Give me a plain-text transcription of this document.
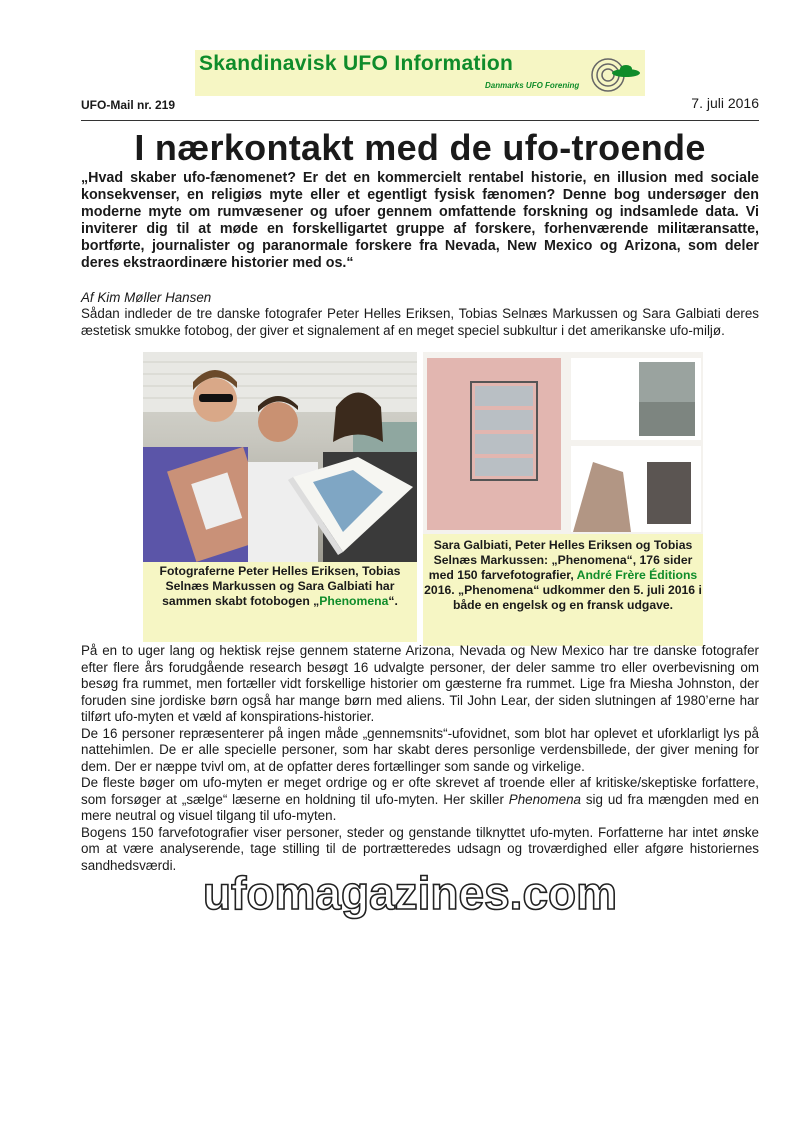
Skandinavisk UFO Information
Danmarks UFO Forening
UFO-Mail nr. 219	7. juli 2016
I nærkontakt med de ufo-troende

„Hvad skaber ufo-fænomenet? Er det en kommercielt rentabel historie, en illusion med sociale konsekvenser, en religiøs myte eller et egentligt fysisk fænomen? Denne bog undersøger den moderne myte om rumvæsener og ufoer gennem omfattende forskning og indsamlede data. Vi inviterer dig til at møde en forskelligartet gruppe af forskere, forhenværende militæransatte, bortførte, journalister og paranormale forskere fra Nevada, New Mexico og Arizona, som deler deres ekstraordinære historier med os.“

Af Kim Møller Hansen

Sådan indleder de tre danske fotografer Peter Helles Eriksen, Tobias Selnæs Markussen og Sara Galbiati deres æstetisk smukke fotobog, der giver et signalement af en meget speciel subkultur i det amerikanske ufo-miljø.

Fotograferne Peter Helles Eriksen, Tobias Selnæs Markussen og Sara Galbiati har sammen skabt fotobogen „Phenomena“.
Sara Galbiati, Peter Helles Eriksen og Tobias Selnæs Markussen: „Phenomena“, 176 sider med 150 farvefotografier, André Frère Éditions 2016. „Phenomena“ udkommer den 5. juli 2016 i både en engelsk og en fransk udgave.

På en to uger lang og hektisk rejse gennem staterne Arizona, Nevada og New Mexico har tre danske fotografer efter flere års forudgående research besøgt 16 udvalgte personer, der deler samme tro eller overbevisning om besøg fra rummet, men fortæller vidt forskellige historier om gæsterne fra rummet. Lige fra Miesha Johnston, der foruden sine jordiske børn også har mange børn med aliens. Til John Lear, der siden slutningen af 1980’erne har tilført ufo-myten et væld af konspirations-historier.

De 16 personer repræsenterer på ingen måde „gennemsnits“-ufovidnet, som blot har oplevet et uforklarligt lys på nattehimlen. De er alle specielle personer, som har skabt deres personlige verdensbillede, der giver mening for dem. Der er næppe tvivl om, at de opfatter deres fortællinger som sande og virkelige.

De fleste bøger om ufo-myten er meget ordrige og er ofte skrevet af troende eller af kritiske/skeptiske forfattere, som forsøger at „sælge“ læserne en holdning til ufo-myten. Her skiller Phenomena sig ud fra mængden med en mere neutral og visuel tilgang til ufo-myten.

Bogens 150 farvefotografier viser personer, steder og genstande tilknyttet ufo-myten. Forfatterne har intet ønske om at være analyserende, tage stilling til de portrætteredes udsagn og troværdighed eller afgøre historiernes sandhedsværdi.

ufomagazines.com
